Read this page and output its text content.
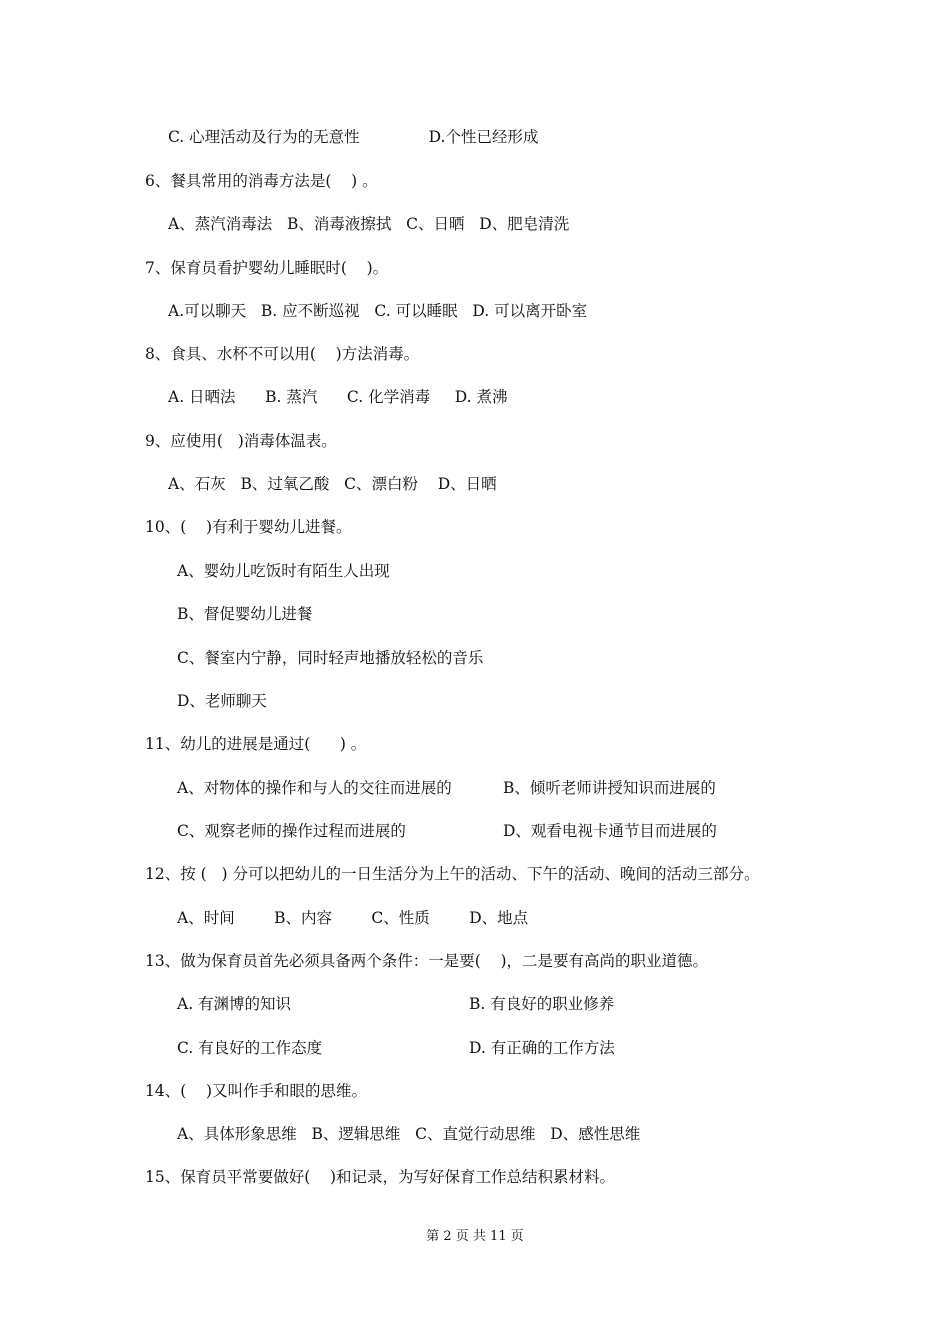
C. 心理活动及行为的无意性              D.个性已经形成
6、餐具常用的消毒方法是(    ) 。
A、蒸汽消毒法   B、消毒液擦拭   C、日晒   D、肥皂清洗
7、保育员看护婴幼儿睡眠时(    )。
A.可以聊天   B. 应不断巡视   C. 可以睡眠   D. 可以离开卧室
8、食具、水杯不可以用(    )方法消毒。
A. 日晒法      B. 蒸汽      C. 化学消毒     D. 煮沸
9、应使用(   )消毒体温表。
A、石灰   B、过氧乙酸   C、漂白粉    D、日晒
10、(    )有利于婴幼儿进餐。
A、婴幼儿吃饭时有陌生人出现
B、督促婴幼儿进餐
C、餐室内宁静，同时轻声地播放轻松的音乐
D、老师聊天
11、幼儿的进展是通过(      ) 。
A、对物体的操作和与人的交往而进展的	B、倾听老师讲授知识而进展的
C、观察老师的操作过程而进展的	D、观看电视卡通节目而进展的
12、按 (   ) 分可以把幼儿的一日生活分为上午的活动、下午的活动、晚间的活动三部分。
A、时间        B、内容        C、性质        D、地点
13、做为保育员首先必须具备两个条件：一是要(    )，二是要有高尚的职业道德。
A. 有渊博的知识	B. 有良好的职业修养
C. 有良好的工作态度	D. 有正确的工作方法
14、(    )又叫作手和眼的思维。
A、具体形象思维   B、逻辑思维   C、直觉行动思维   D、感性思维
15、保育员平常要做好(    )和记录，为写好保育工作总结积累材料。
第 2 页 共 11 页
